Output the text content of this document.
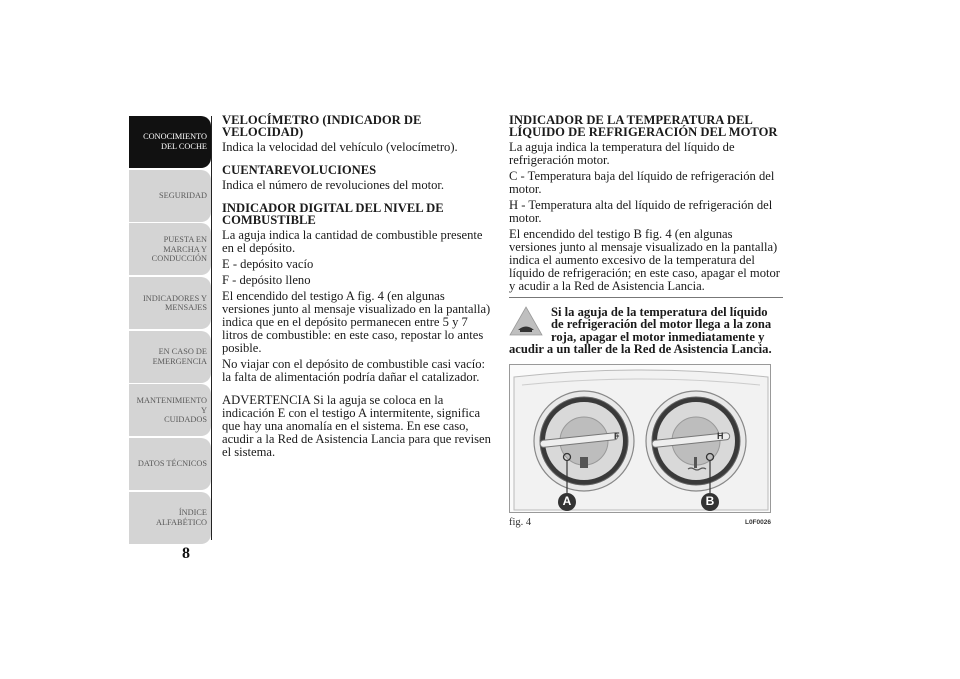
CONOCIMIENTO
DEL COCHE
SEGURIDAD
PUESTA EN
MARCHA Y
CONDUCCIÓN
INDICADORES Y
MENSAJES
EN CASO DE
EMERGENCIA
MANTENIMIENTO Y
CUIDADOS
DATOS TÉCNICOS
ÍNDICE
ALFABÉTICO
8
VELOCÍMETRO (INDICADOR DE VELOCIDAD)

Indica la velocidad del vehículo (velocímetro).

CUENTAREVOLUCIONES

Indica el número de revoluciones del motor.

INDICADOR DIGITAL DEL NIVEL DE COMBUSTIBLE

La aguja indica la cantidad de combustible presente en el depósito.

E - depósito vacío

F - depósito lleno

El encendido del testigo A fig. 4 (en algunas versiones junto al mensaje visualizado en la pantalla) indica que en el depósito permanecen entre 5 y 7 litros de combustible: en este caso, repostar lo antes posible.

No viajar con el depósito de combustible casi vacío: la falta de alimentación podría dañar el catalizador.

ADVERTENCIA Si la aguja se coloca en la indicación E con el testigo A intermitente, significa que hay una anomalía en el sistema. En ese caso, acudir a la Red de Asistencia Lancia para que revisen el sistema.

INDICADOR DE LA TEMPERATURA DEL LÍQUIDO DE REFRIGERACIÓN DEL MOTOR

La aguja indica la temperatura del líquido de refrigeración motor.

C - Temperatura baja del líquido de refrigeración del motor.

H - Temperatura alta del líquido de refrigeración del motor.

El encendido del testigo B fig. 4 (en algunas versiones junto al mensaje visualizado en la pantalla) indica el aumento excesivo de la temperatura del líquido de refrigeración; en este caso, apagar el motor y acudir a la Red de Asistencia Lancia.

Si la aguja de la temperatura del líquido de refrigeración del motor llega a la zona roja, apagar el motor inmediatamente y acudir a un taller de la Red de Asistencia Lancia.

F	H
A	B
fig. 4	L0F0026
